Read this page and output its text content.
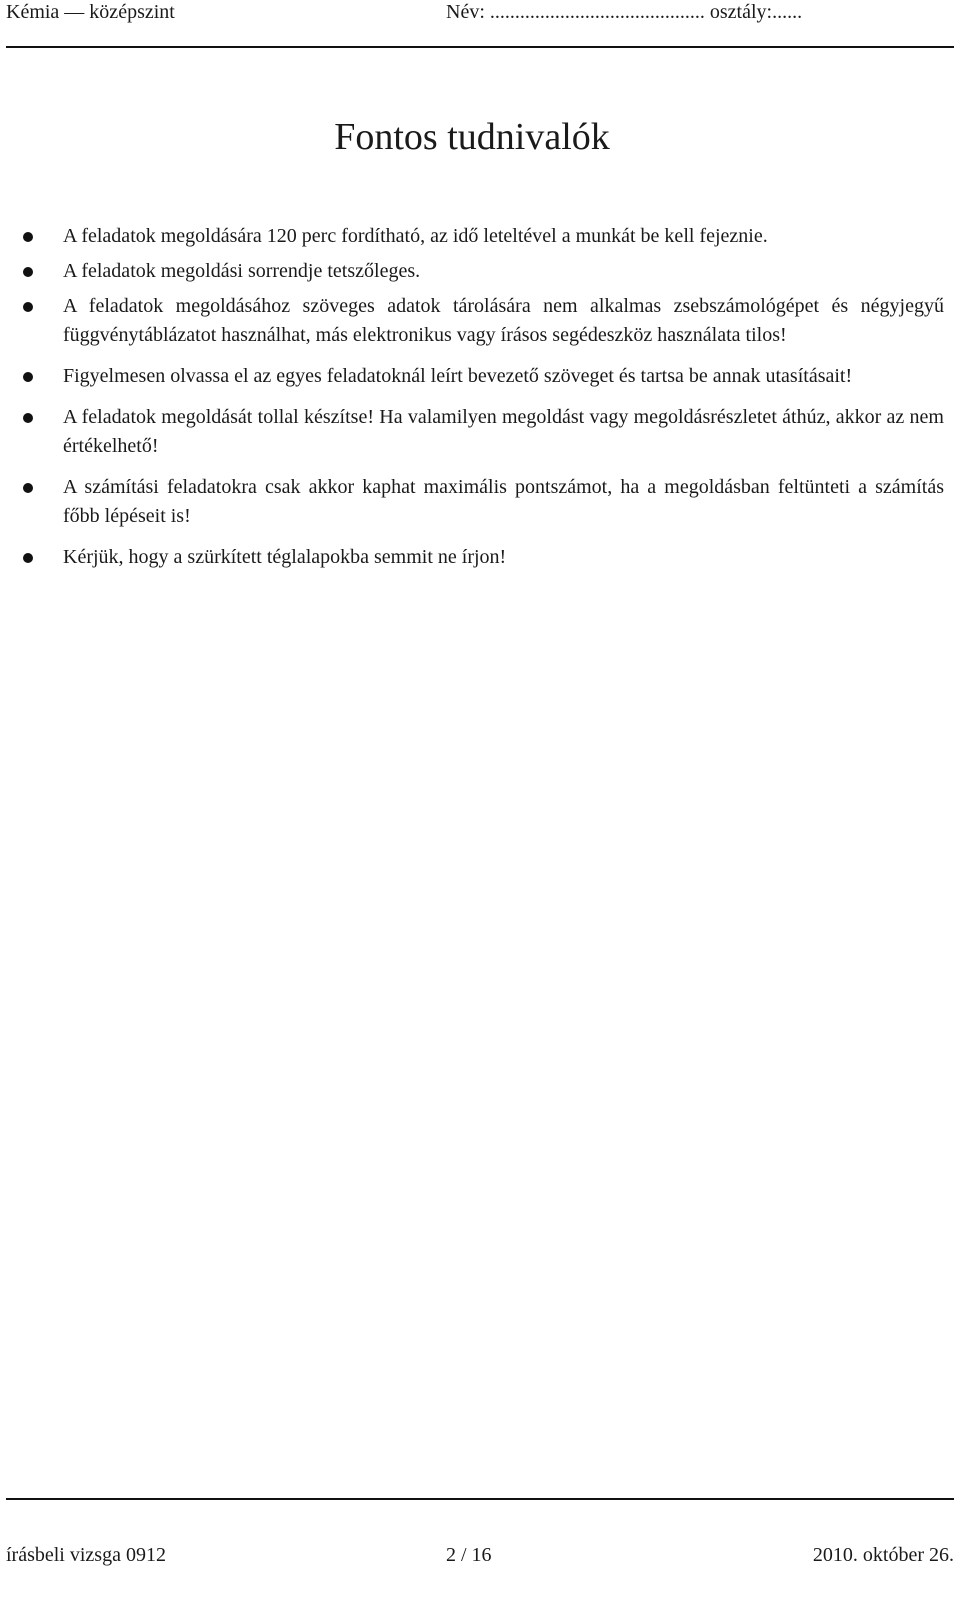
Kémia — középszint	Név: ........................................... osztály:......
Fontos tudnivalók
A feladatok megoldására 120 perc fordítható, az idő leteltével a munkát be kell fejeznie.
A feladatok megoldási sorrendje tetszőleges.
A feladatok megoldásához szöveges adatok tárolására nem alkalmas zsebszámológépet és négyjegyű függvénytáblázatot használhat, más elektronikus vagy írásos segédeszköz használata tilos!
Figyelmesen olvassa el az egyes feladatoknál leírt bevezető szöveget és tartsa be annak utasításait!
A feladatok megoldását tollal készítse! Ha valamilyen megoldást vagy megoldásrészletet áthúz, akkor az nem értékelhető!
A számítási feladatokra csak akkor kaphat maximális pontszámot, ha a megoldásban feltünteti a számítás főbb lépéseit is!
Kérjük, hogy a szürkített téglalapokba semmit ne írjon!
írásbeli vizsga 0912	2 / 16	2010. október 26.
